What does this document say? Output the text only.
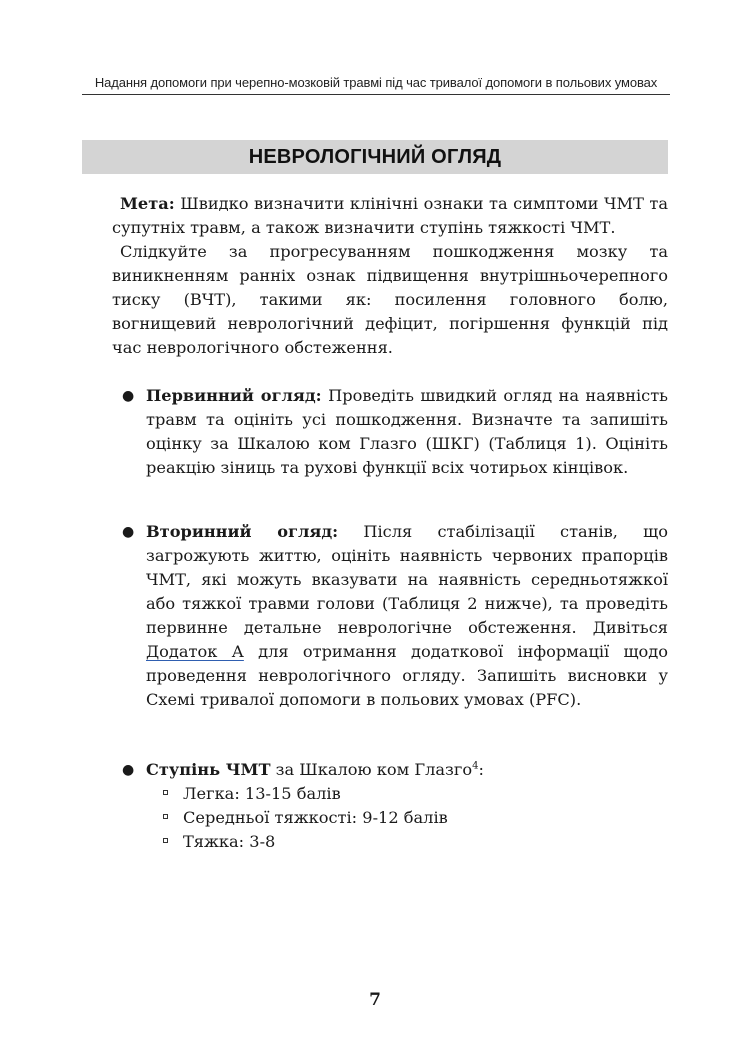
Надання допомоги при черепно-мозковій травмі під час тривалої допомоги в польових умовах
НЕВРОЛОГІЧНИЙ ОГЛЯД

Мета: Швидко визначити клінічні ознаки та симптоми ЧМТ та супутніх травм, а також визначити ступінь тяжкості ЧМТ.

Слідкуйте за прогресуванням пошкодження мозку та виникненням ранніх ознак підвищення внутрішньочерепного тиску (ВЧТ), такими як: посилення головного болю, вогнищевий неврологічний дефіцит, погіршення функцій під час неврологічного обстеження.

● Первинний огляд: Проведіть швидкий огляд на наявність травм та оцініть усі пошкодження. Визначте та запишіть оцінку за Шкалою ком Глазго (ШКГ) (Таблиця 1). Оцініть реакцію зіниць та рухові функції всіх чотирьох кінцівок.

● Вторинний огляд: Після стабілізації станів, що загрожують життю, оцініть наявність червоних прапорців ЧМТ, які можуть вказувати на наявність середньотяжкої або тяжкої травми голови (Таблиця 2 нижче), та проведіть первинне детальне неврологічне обстеження. Дивіться Додаток А для отримання додаткової інформації щодо проведення неврологічного огляду. Запишіть висновки у Схемі тривалої допомоги в польових умовах (PFC).

● Ступінь ЧМТ за Шкалою ком Глазго$^4$:

Легка: 13-15 балів
Середньої тяжкості: 9-12 балів
Тяжка: 3-8
7
